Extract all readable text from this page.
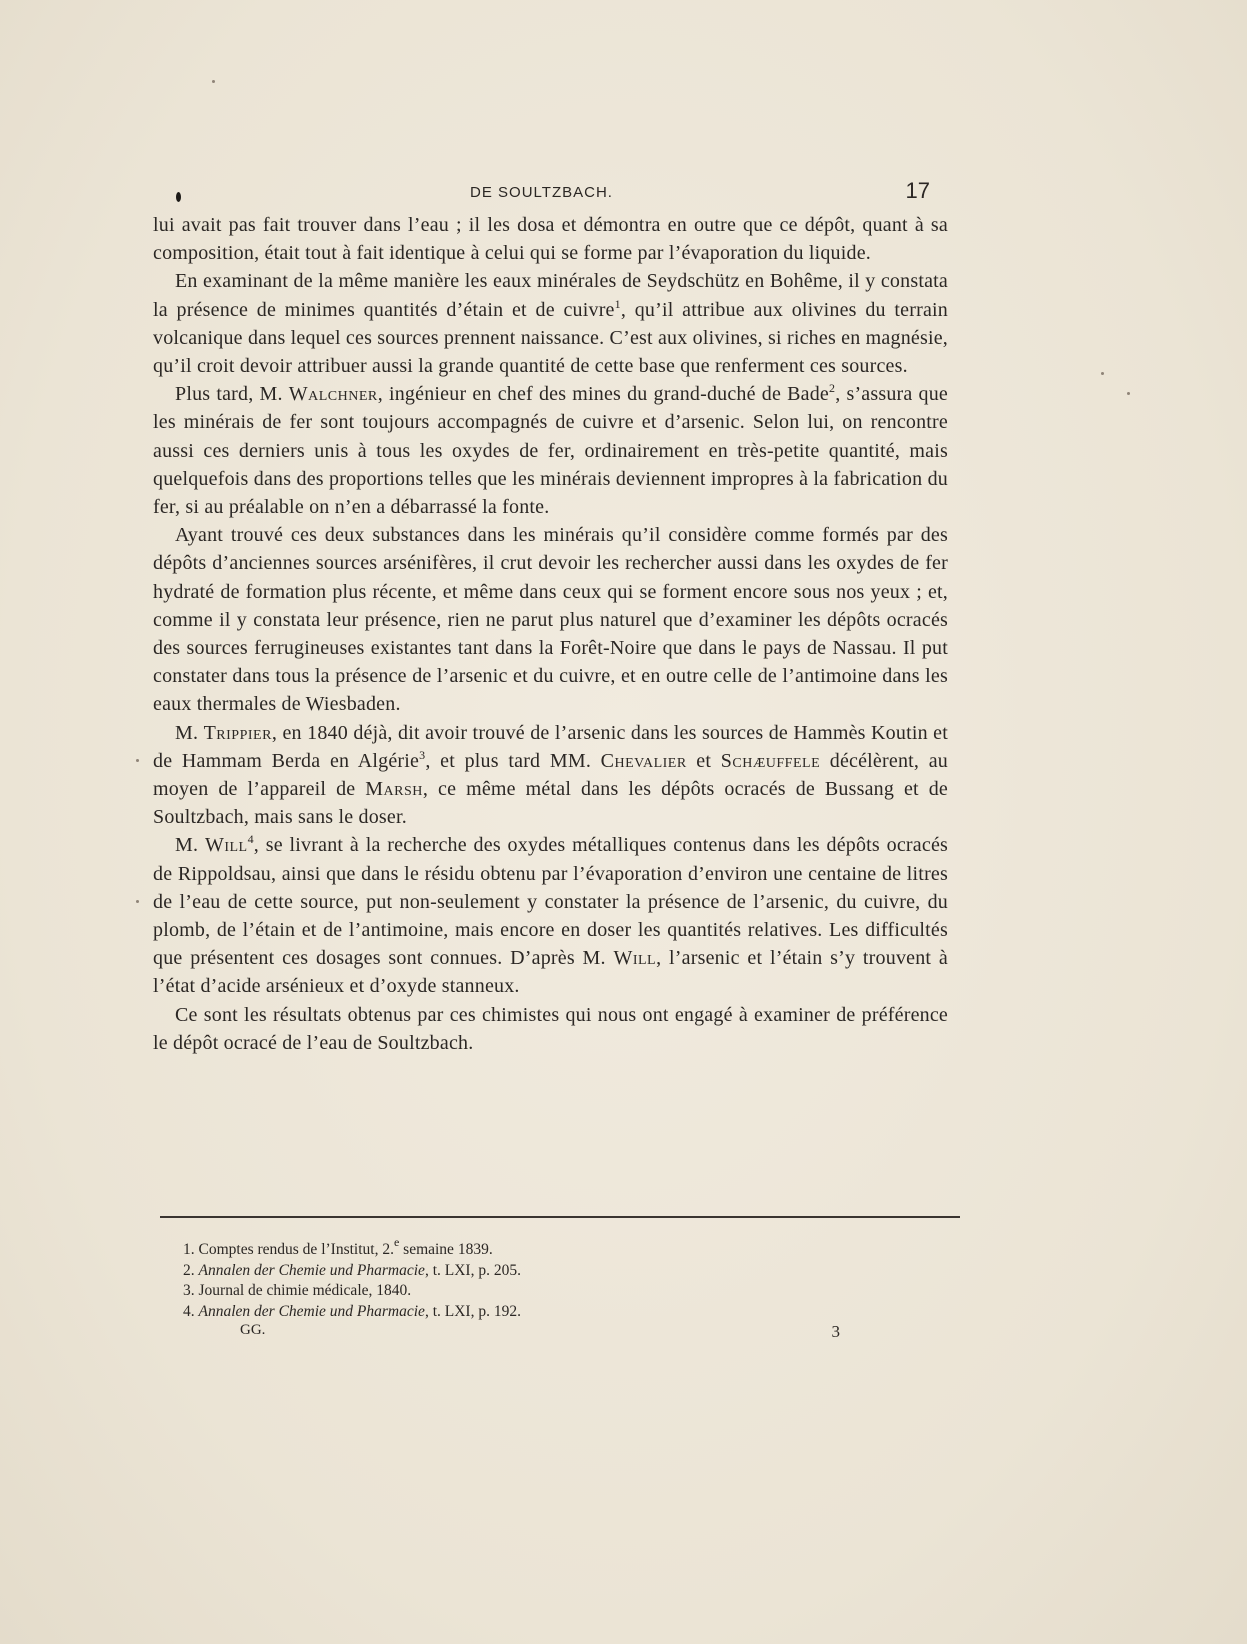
DE SOULTZBACH.	17

lui avait pas fait trouver dans l’eau ; il les dosa et démontra en outre que ce dépôt, quant à sa composition, était tout à fait identique à celui qui se forme par l’évaporation du liquide.

En examinant de la même manière les eaux minérales de Seydschütz en Bohême, il y constata la présence de minimes quantités d’étain et de cuivre$^1$, qu’il attribue aux olivines du terrain volcanique dans lequel ces sources prennent naissance. C’est aux olivines, si riches en magnésie, qu’il croit devoir attribuer aussi la grande quantité de cette base que renferment ces sources.

Plus tard, M. Walchner, ingénieur en chef des mines du grand-duché de Bade$^2$, s’assura que les minérais de fer sont toujours accompagnés de cuivre et d’arsenic. Selon lui, on rencontre aussi ces derniers unis à tous les oxydes de fer, ordinairement en très-petite quantité, mais quelquefois dans des proportions telles que les minérais deviennent impropres à la fabrication du fer, si au préalable on n’en a débarrassé la fonte.

Ayant trouvé ces deux substances dans les minérais qu’il considère comme formés par des dépôts d’anciennes sources arsénifères, il crut devoir les rechercher aussi dans les oxydes de fer hydraté de formation plus récente, et même dans ceux qui se forment encore sous nos yeux ; et, comme il y constata leur présence, rien ne parut plus naturel que d’examiner les dépôts ocracés des sources ferrugineuses existantes tant dans la Forêt-Noire que dans le pays de Nassau. Il put constater dans tous la présence de l’arsenic et du cuivre, et en outre celle de l’antimoine dans les eaux thermales de Wiesbaden.

M. Trippier, en 1840 déjà, dit avoir trouvé de l’arsenic dans les sources de Hammès Koutin et de Hammam Berda en Algérie$^3$, et plus tard MM. Chevalier et Schæuffele décélèrent, au moyen de l’appareil de Marsh, ce même métal dans les dépôts ocracés de Bussang et de Soultzbach, mais sans le doser.

M. Will$^4$, se livrant à la recherche des oxydes métalliques contenus dans les dépôts ocracés de Rippoldsau, ainsi que dans le résidu obtenu par l’évaporation d’environ une centaine de litres de l’eau de cette source, put non-seulement y constater la présence de l’arsenic, du cuivre, du plomb, de l’étain et de l’antimoine, mais encore en doser les quantités relatives. Les difficultés que présentent ces dosages sont connues. D’après M. Will, l’arsenic et l’étain s’y trouvent à l’état d’acide arsénieux et d’oxyde stanneux.

Ce sont les résultats obtenus par ces chimistes qui nous ont engagé à examiner de préférence le dépôt ocracé de l’eau de Soultzbach.

1. Comptes rendus de l’Institut, 2.$^e$ semaine 1839.
2. Annalen der Chemie und Pharmacie, t. LXI, p. 205.
3. Journal de chimie médicale, 1840.
4. Annalen der Chemie und Pharmacie, t. LXI, p. 192.
GG.	3
